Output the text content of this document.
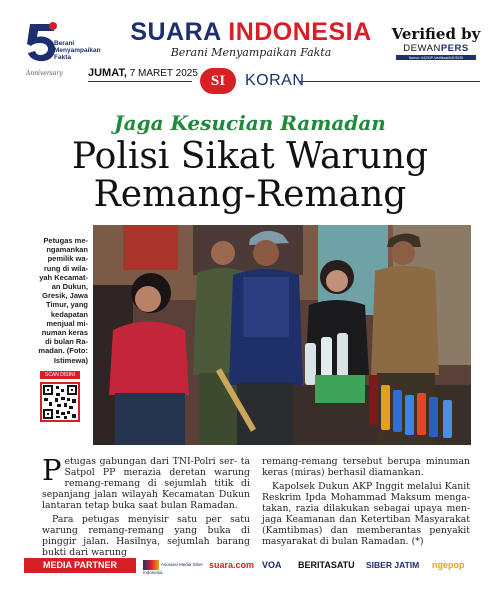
Berani
Menyampaikan
Fakta
Anniversary
SUARA INDONESIA
Berani Menyampaikan Fakta
Verified by
DEWANPERS
Nomor: 642/DP-Verifikasi/K/II/2025
JUMAT, 7 MARET 2025 SI	KORAN
Jaga Kesucian Ramadan
Polisi Sikat Warung
Remang-Remang
Petugas me-
ngamankan
pemilik wa-
rung di wila-
yah Kecamat-
an Dukun,
Gresik, Jawa
Timur, yang
kedapatan
menjual mi-
numan keras
di bulan Ra-
madan. (Foto:
Istimewa)
SCAN DISINI

P etugas gabungan dari TNI-Polri ser- ta Satpol PP merazia deretan warung remang-remang di sejumlah titik di sepanjang jalan wilayah Kecamatan Dukun lantaran tetap buka saat bulan Ramadan.

Para petugas menyisir satu per satu warung remang-remang yang buka di pinggir jalan. Hasilnya, sejumlah barang bukti dari warung

remang-remang tersebut berupa minuman keras (miras) berhasil diamankan.

Kapolsek Dukun AKP Inggit melalui Kanit Reskrim Ipda Mohammad Maksum menga- takan, razia dilakukan sebagai upaya men- jaga Keamanan dan Ketertiban Masyarakat (Kamtibmas) dan memberantas penyakit masyarakat di bulan Ramadan. (*)

MEDIA PARTNER	Asosiasi Media Siber Indonesia
suara.com VOA BERITASATU SIBER JATIM ngepop
